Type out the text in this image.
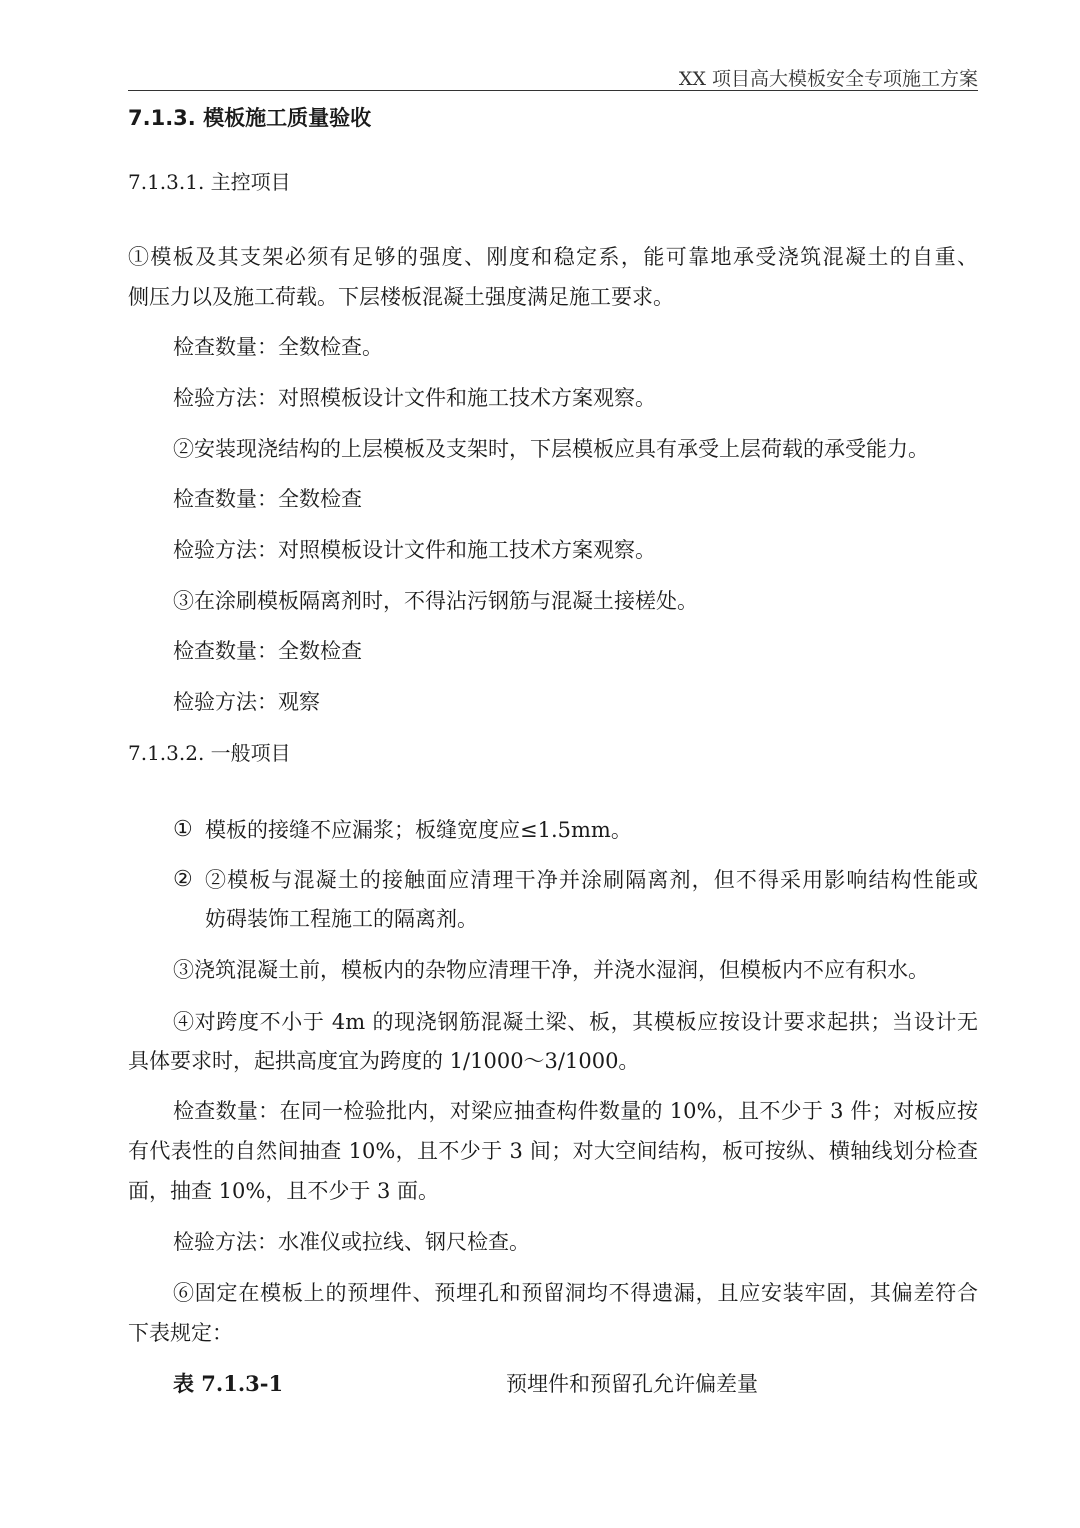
XX 项目高大模板安全专项施工方案
7.1.3. 模板施工质量验收
7.1.3.1. 主控项目
①模板及其支架必须有足够的强度、刚度和稳定系，能可靠地承受浇筑混凝土的自重、
侧压力以及施工荷载。下层楼板混凝土强度满足施工要求。
检查数量：全数检查。
检验方法：对照模板设计文件和施工技术方案观察。
②安装现浇结构的上层模板及支架时，下层模板应具有承受上层荷载的承受能力。
检查数量：全数检查
检验方法：对照模板设计文件和施工技术方案观察。
③在涂刷模板隔离剂时，不得沾污钢筋与混凝土接槎处。
检查数量：全数检查
检验方法：观察
7.1.3.2. 一般项目
① 模板的接缝不应漏浆；板缝宽度应≤1.5mm。
② ②模板与混凝土的接触面应清理干净并涂刷隔离剂，但不得采用影响结构性能或
妨碍装饰工程施工的隔离剂。
③浇筑混凝土前，模板内的杂物应清理干净，并浇水湿润，但模板内不应有积水。
④对跨度不小于 4m 的现浇钢筋混凝土梁、板，其模板应按设计要求起拱；当设计无
具体要求时，起拱高度宜为跨度的 1/1000～3/1000。
检查数量：在同一检验批内，对梁应抽查构件数量的 10%，且不少于 3 件；对板应按
有代表性的自然间抽查 10%，且不少于 3 间；对大空间结构，板可按纵、横轴线划分检查
面，抽查 10%，且不少于 3 面。
检验方法：水准仪或拉线、钢尺检查。
⑥固定在模板上的预埋件、预埋孔和预留洞均不得遗漏，且应安装牢固，其偏差符合
下表规定：
表 7.1.3-1	预埋件和预留孔允许偏差量
